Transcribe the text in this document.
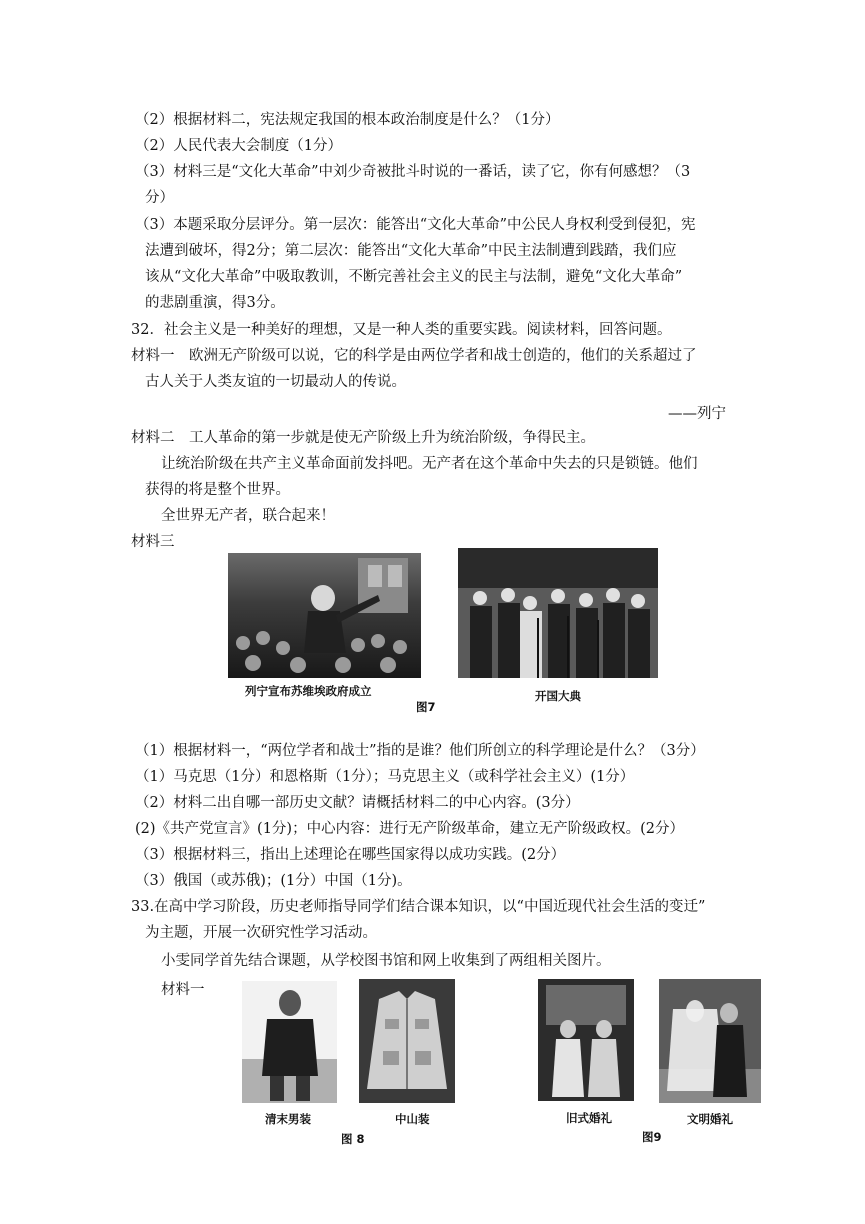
（2）根据材料二，宪法规定我国的根本政治制度是什么？（1分）
（2）人民代表大会制度（1分）
（3）材料三是“文化大革命”中刘少奇被批斗时说的一番话，读了它，你有何感想？（3
分）
（3）本题采取分层评分。第一层次：能答出“文化大革命”中公民人身权利受到侵犯，宪
法遭到破坏，得2分；第二层次：能答出“文化大革命”中民主法制遭到践踏，我们应
该从“文化大革命”中吸取教训，不断完善社会主义的民主与法制，避免“文化大革命”
的悲剧重演，得3分。
32．社会主义是一种美好的理想，又是一种人类的重要实践。阅读材料，回答问题。
材料一　欧洲无产阶级可以说，它的科学是由两位学者和战士创造的，他们的关系超过了
古人关于人类友谊的一切最动人的传说。
——列宁
材料二　工人革命的第一步就是使无产阶级上升为统治阶级，争得民主。
让统治阶级在共产主义革命面前发抖吧。无产者在这个革命中失去的只是锁链。他们
获得的将是整个世界。
全世界无产者，联合起来！
材料三
列宁宣布苏维埃政府成立	开国大典
图7
（1）根据材料一，“两位学者和战士”指的是谁？他们所创立的科学理论是什么？（3分）
（1）马克思（1分）和恩格斯（1分）；马克思主义（或科学社会主义）(1分）
（2）材料二出自哪一部历史文献？请概括材料二的中心内容。(3分）
(2)《共产党宣言》(1分)；中心内容：进行无产阶级革命，建立无产阶级政权。(2分）
（3）根据材料三，指出上述理论在哪些国家得以成功实践。(2分）
（3）俄国（或苏俄)；(1分）中国（1分)。
33.在高中学习阶段，历史老师指导同学们结合课本知识，以“中国近现代社会生活的变迁”
为主题，开展一次研究性学习活动。
小雯同学首先结合课题，从学校图书馆和网上收集到了两组相关图片。
材料一
清末男装	中山装	旧式婚礼	文明婚礼
图 8	图9
